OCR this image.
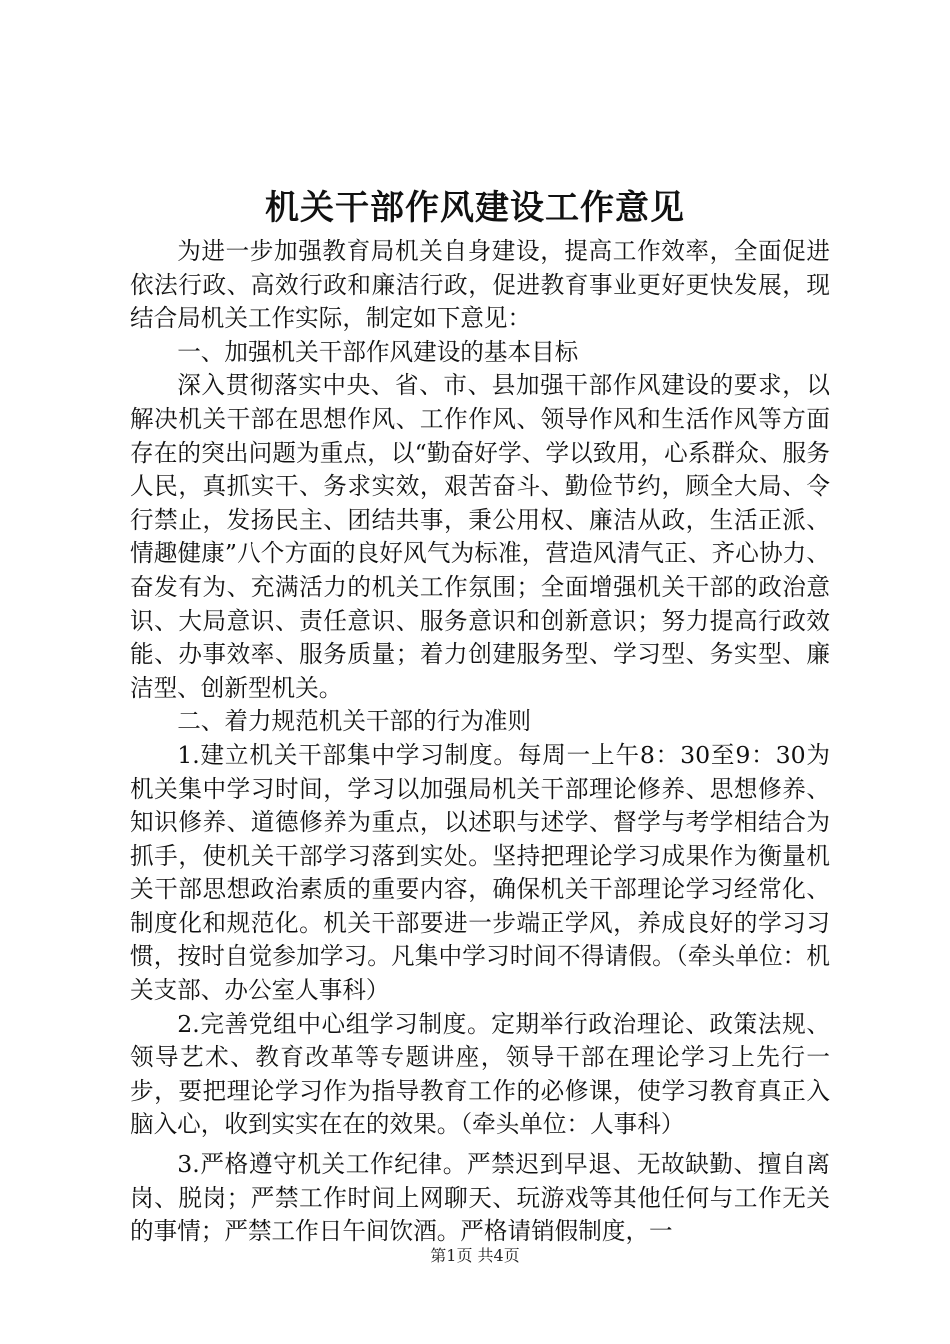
机关干部作风建设工作意见

为进一步加强教育局机关自身建设，提高工作效率，全面促进依法行政、高效行政和廉洁行政，促进教育事业更好更快发展，现结合局机关工作实际，制定如下意见：

一、加强机关干部作风建设的基本目标

深入贯彻落实中央、省、市、县加强干部作风建设的要求，以解决机关干部在思想作风、工作作风、领导作风和生活作风等方面存在的突出问题为重点，以“勤奋好学、学以致用，心系群众、服务人民，真抓实干、务求实效，艰苦奋斗、勤俭节约，顾全大局、令行禁止，发扬民主、团结共事，秉公用权、廉洁从政，生活正派、情趣健康”八个方面的良好风气为标准，营造风清气正、齐心协力、奋发有为、充满活力的机关工作氛围；全面增强机关干部的政治意识、大局意识、责任意识、服务意识和创新意识；努力提高行政效能、办事效率、服务质量；着力创建服务型、学习型、务实型、廉洁型、创新型机关。

二、着力规范机关干部的行为准则

1.建立机关干部集中学习制度。每周一上午8：30至9：30为机关集中学习时间，学习以加强局机关干部理论修养、思想修养、知识修养、道德修养为重点，以述职与述学、督学与考学相结合为抓手，使机关干部学习落到实处。坚持把理论学习成果作为衡量机关干部思想政治素质的重要内容，确保机关干部理论学习经常化、制度化和规范化。机关干部要进一步端正学风，养成良好的学习习惯，按时自觉参加学习。凡集中学习时间不得请假。（牵头单位：机关支部、办公室人事科）

2.完善党组中心组学习制度。定期举行政治理论、政策法规、领导艺术、教育改革等专题讲座，领导干部在理论学习上先行一步，要把理论学习作为指导教育工作的必修课，使学习教育真正入脑入心，收到实实在在的效果。（牵头单位：人事科）

3.严格遵守机关工作纪律。严禁迟到早退、无故缺勤、擅自离岗、脱岗；严禁工作时间上网聊天、玩游戏等其他任何与工作无关的事情；严禁工作日午间饮酒。严格请销假制度，一

第1页 共4页
